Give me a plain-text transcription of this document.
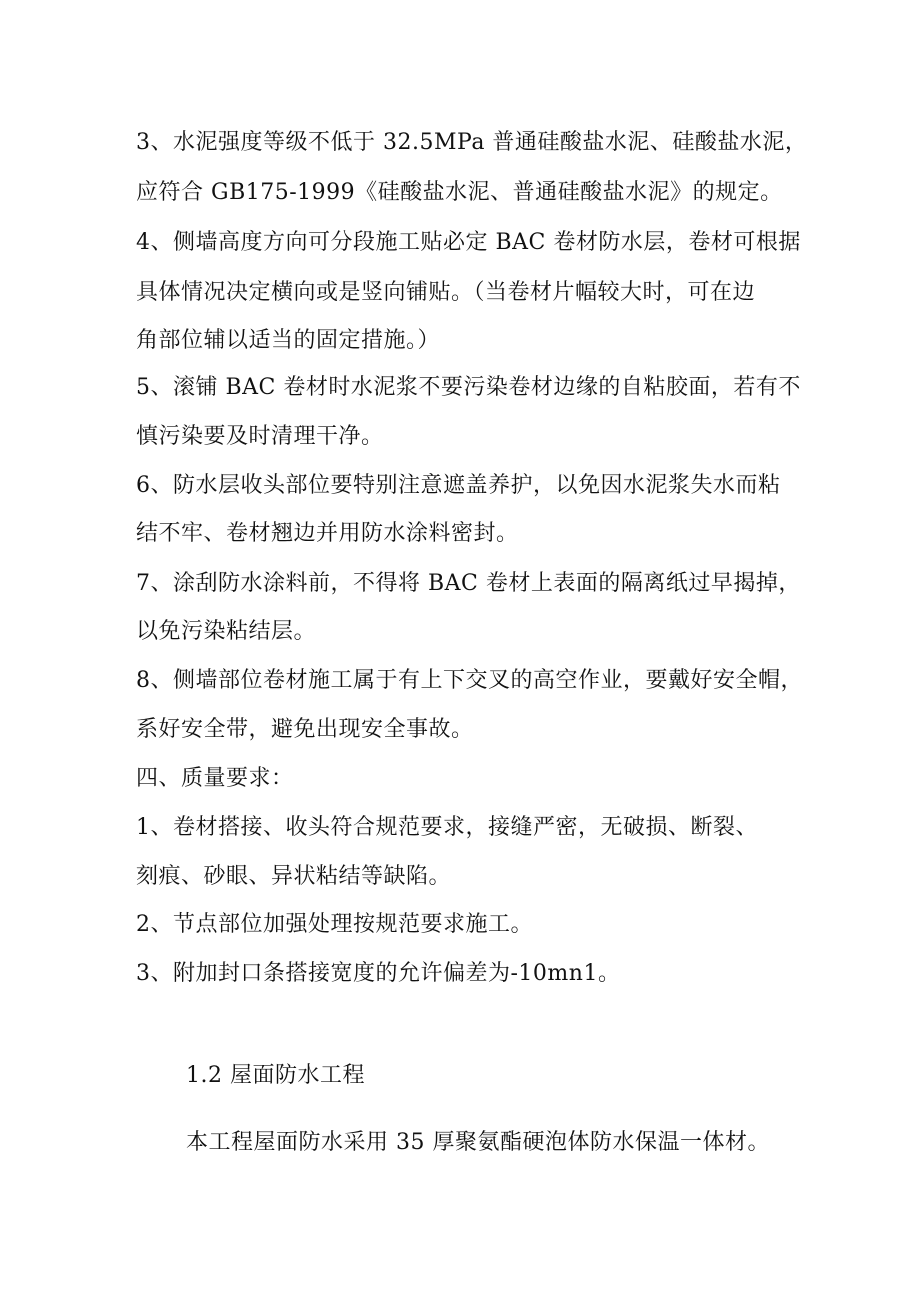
3、水泥强度等级不低于 32.5MPa 普通硅酸盐水泥、硅酸盐水泥，
应符合 GB175-1999《硅酸盐水泥、普通硅酸盐水泥》的规定。
4、侧墙高度方向可分段施工贴必定 BAC 卷材防水层，卷材可根据
具体情况决定横向或是竖向铺贴。（当卷材片幅较大时，可在边
角部位辅以适当的固定措施。）
5、滚铺 BAC 卷材时水泥浆不要污染卷材边缘的自粘胶面，若有不
慎污染要及时清理干净。
6、防水层收头部位要特别注意遮盖养护，以免因水泥浆失水而粘
结不牢、卷材翘边并用防水涂料密封。
7、涂刮防水涂料前，不得将 BAC 卷材上表面的隔离纸过早揭掉，
以免污染粘结层。
8、侧墙部位卷材施工属于有上下交叉的高空作业，要戴好安全帽，
系好安全带，避免出现安全事故。
四、质量要求：
1、卷材搭接、收头符合规范要求，接缝严密，无破损、断裂、
刻痕、砂眼、异状粘结等缺陷。
2、节点部位加强处理按规范要求施工。
3、附加封口条搭接宽度的允许偏差为-10mn1。
1.2 屋面防水工程
本工程屋面防水采用 35 厚聚氨酯硬泡体防水保温一体材。
